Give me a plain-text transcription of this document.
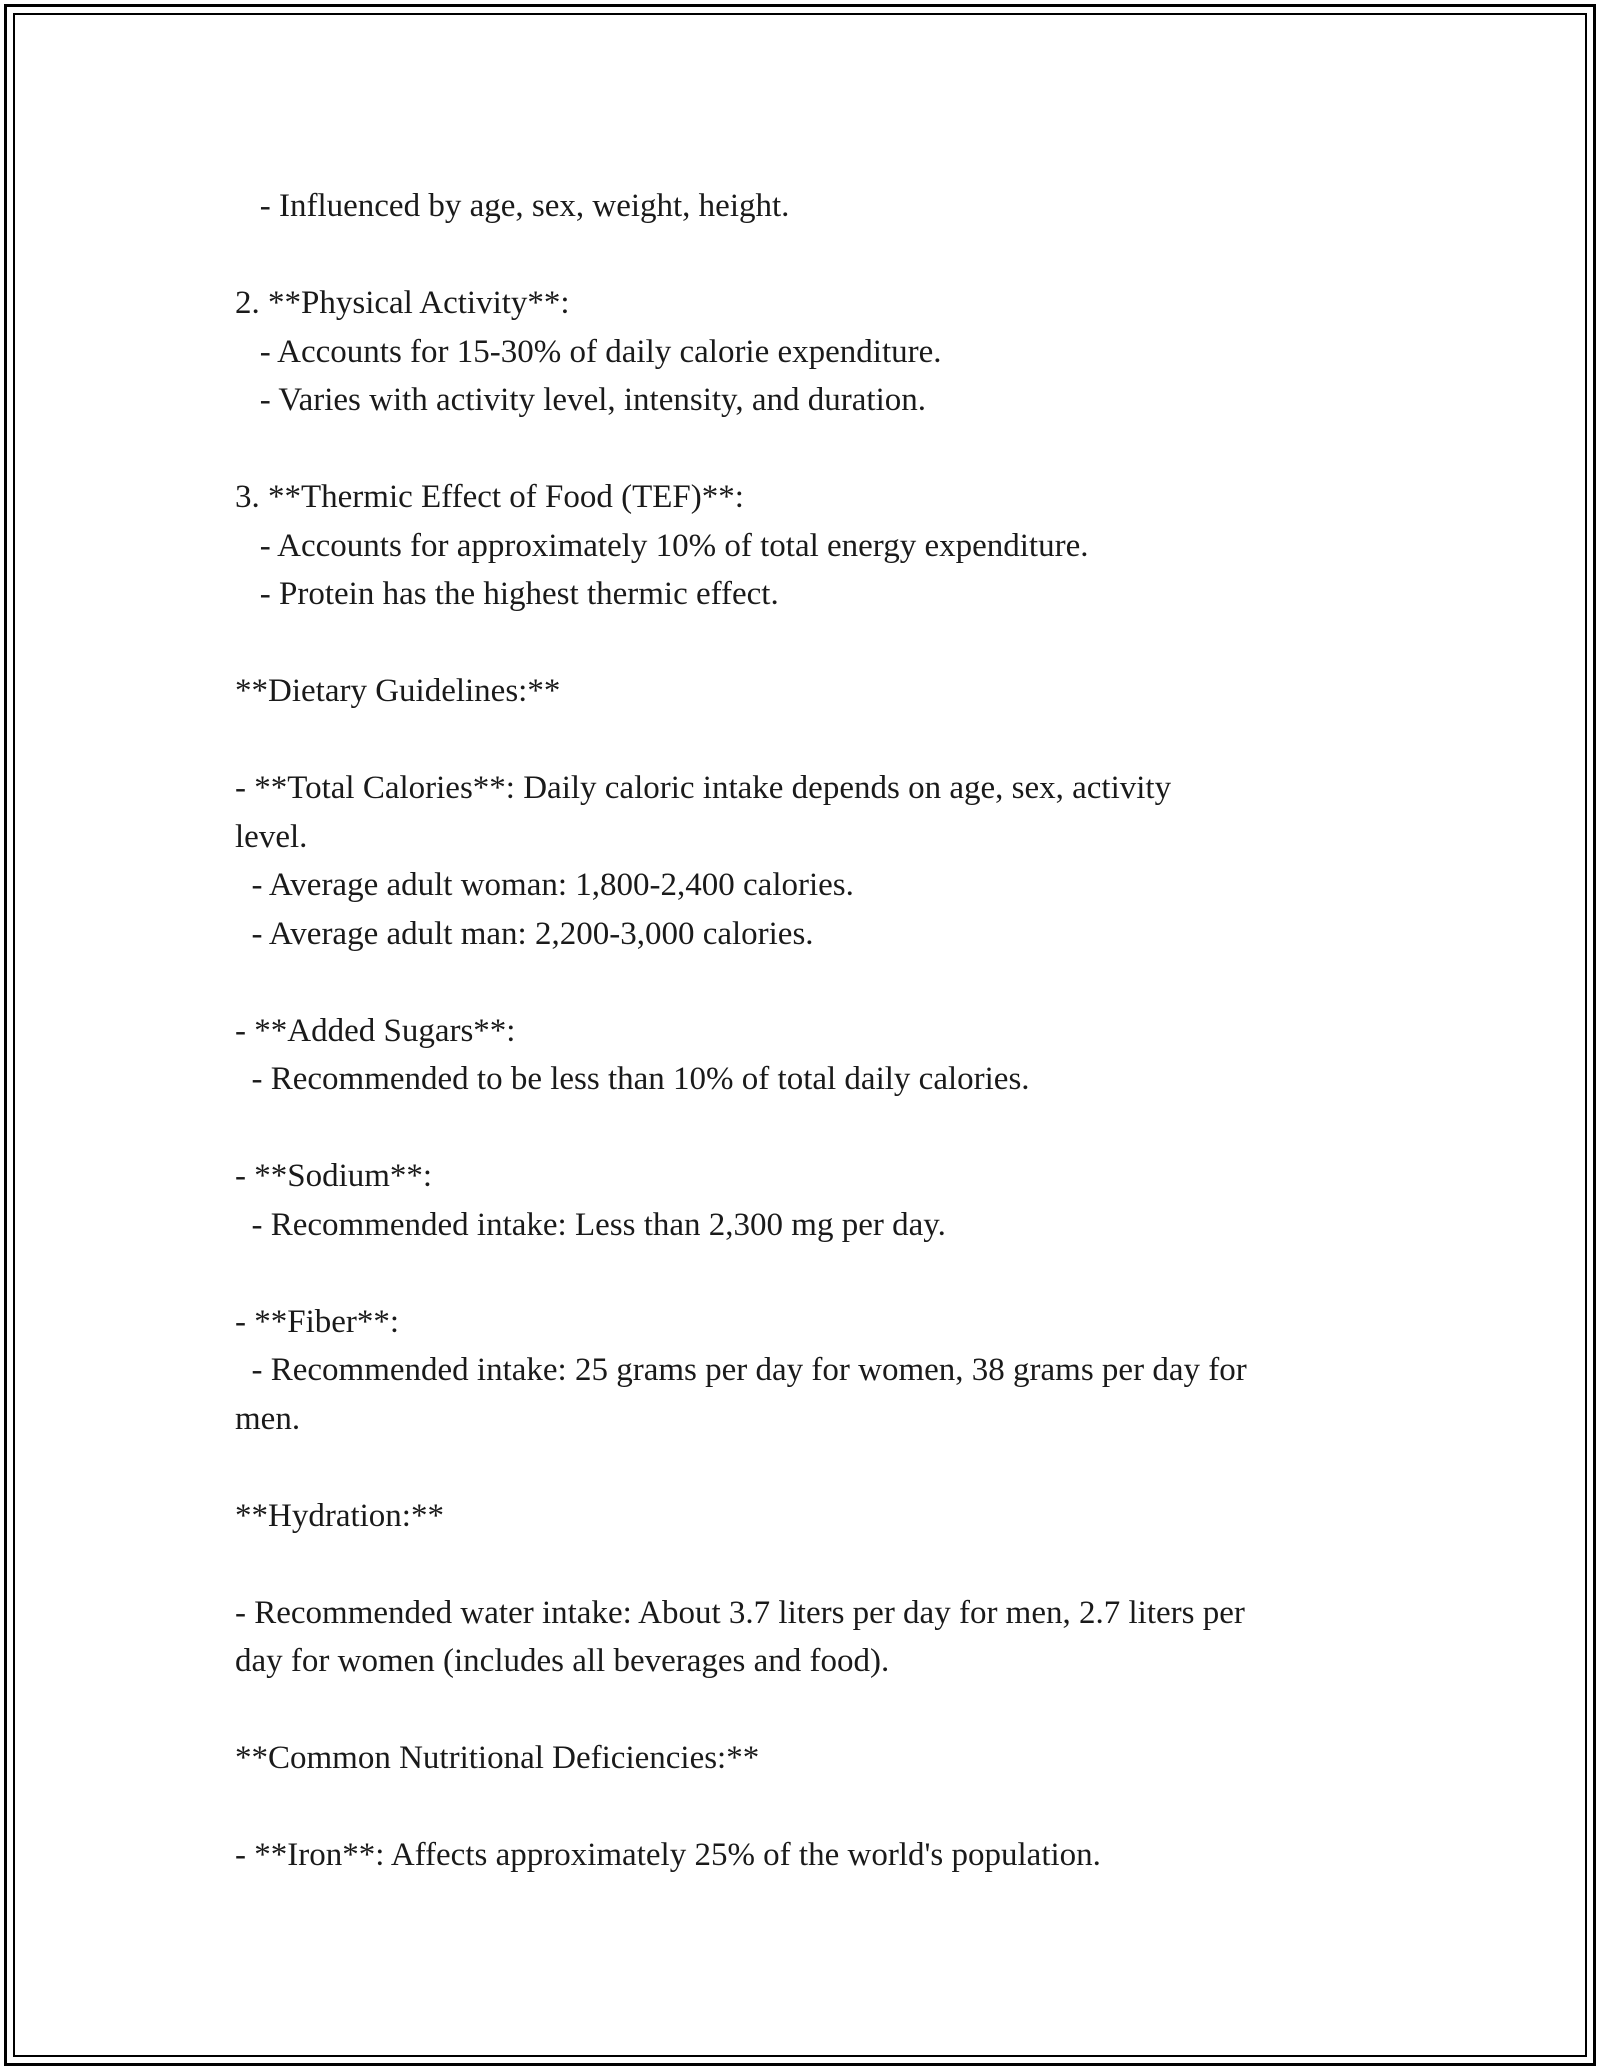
- Influenced by age, sex, weight, height.
2. **Physical Activity**:
- Accounts for 15-30% of daily calorie expenditure.
- Varies with activity level, intensity, and duration.
3. **Thermic Effect of Food (TEF)**:
- Accounts for approximately 10% of total energy expenditure.
- Protein has the highest thermic effect.
**Dietary Guidelines:**
- **Total Calories**: Daily caloric intake depends on age, sex, activity
level.
- Average adult woman: 1,800-2,400 calories.
- Average adult man: 2,200-3,000 calories.
- **Added Sugars**:
- Recommended to be less than 10% of total daily calories.
- **Sodium**:
- Recommended intake: Less than 2,300 mg per day.
- **Fiber**:
- Recommended intake: 25 grams per day for women, 38 grams per day for
men.
**Hydration:**
- Recommended water intake: About 3.7 liters per day for men, 2.7 liters per
day for women (includes all beverages and food).
**Common Nutritional Deficiencies:**
- **Iron**: Affects approximately 25% of the world's population.
